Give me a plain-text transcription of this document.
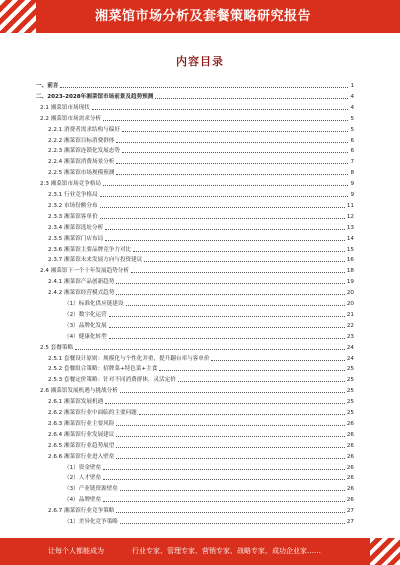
湘菜馆市场分析及套餐策略研究报告
内容目录
一、前言	1
二、2023-2028年湘菜馆市场前景及趋势预测	4
2.1 湘菜馆市场现状	4
2.2 湘菜馆市场需求分析	5
2.2.1 消费者需求结构与偏好	5
2.2.2 湘菜馆目标消费群体	6
2.2.3 湘菜馆连锁化发展态势	6
2.2.4 湘菜馆消费场景分析	7
2.2.5 湘菜馆市场规模预测	8
2.3 湘菜馆市场竞争格局	9
2.3.1 行业竞争格局	9
2.3.2 市场份额分布	11
2.3.3 湘菜馆客单价	12
2.3.4 湘菜馆选址分析	13
2.3.5 湘菜馆门店布局	14
2.3.6 湘菜馆主要品牌竞争力对比	15
2.3.7 湘菜馆未来发展方向与投资建议	16
2.4 湘菜馆下一个十年发展趋势分析	18
2.4.1 湘菜馆产品创新趋势	19
2.4.2 湘菜馆经营模式趋势	20
（1）标准化供应链建设	20
（2）数字化运营	21
（3）品牌化发展	22
（4）健康化转型	23
2.5 套餐策略	24
2.5.1 套餐设计原则：规模化与个性化并重，提升翻台率与客单价	24
2.5.2 套餐组合策略：招牌菜+特色菜+主食	25
2.5.3 套餐定价策略：针对不同消费群体，灵活定价	25
2.6 湘菜馆发展机遇与挑战分析	25
2.6.1 湘菜馆发展机遇	25
2.6.2 湘菜馆行业中面临的主要问题	25
2.6.3 湘菜馆行业主要风险	26
2.6.4 湘菜馆行业发展建议	26
2.6.5 湘菜馆行业趋势展望	26
2.6.6 湘菜馆行业进入壁垒	26
（1）资金壁垒	26
（2）人才壁垒	26
（3）产业链资源壁垒	26
（4）品牌壁垒	26
2.6.7 湘菜馆行业竞争策略	27
（1）差异化竞争策略	27
让每个人都能成为	行业专家、管理专家、营销专家、战略专家、成功企业家……
